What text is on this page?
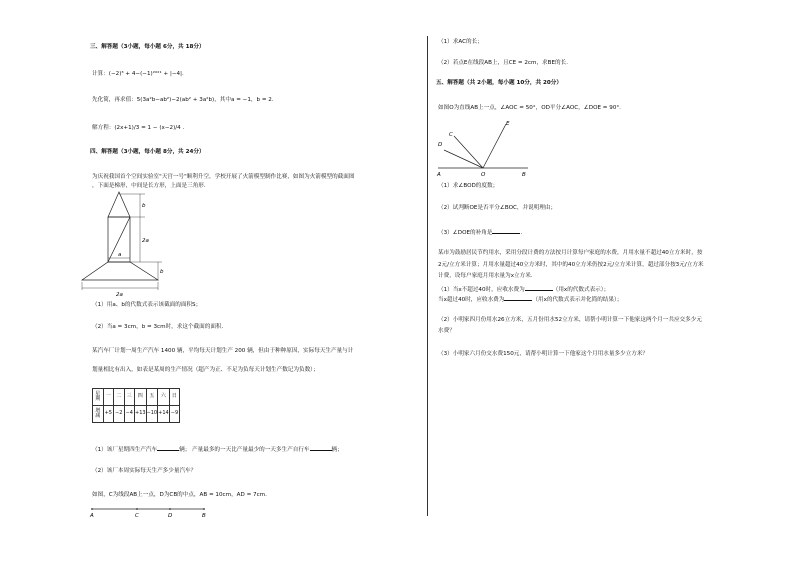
三、解答题（3小题，每小题 6分，共 18分）
计算：(−2)³ + 4−(−1)²⁰²¹ + |−4|.
先化简，再求值：5(3a²b−ab²)−2(ab² + 3a²b)，其中a = −1，b = 2.
解方程：(2x+1)/3 = 1 − (x−2)/4 .
四、解答题（3小题，每小题 8分，共 24分）
为庆祝我国首个空间实验室"天宫一号"顺利升空，学校开展了火箭模型制作比赛，如图为火箭模型的截面图
，下面是梯形，中间是长方形，上面是三角形.
b
2a
a
b
2a
（1）用a、b的代数式表示该截面的面积S；
（2）当a = 3cm，b = 3cm时，求这个截面的面积.
某汽车厂计划一周生产汽车 1400 辆，平均每天计划生产 200 辆，但由于种种原因，实际每天生产量与计
划量相比有出入，如表是某周的生产情况（超产为正、不足为负每天计划生产数记为负数）；
星期	一	二	三	四	五	六	日
增减	+5	−2	−4	+13	−10	+14	−9
（1）该厂星期四生产汽车	辆； 产量最多的一天比产量最少的一天多生产自行车	辆；
（2）该厂本周实际每天生产多少量汽车？
如图，C为线段AB上一点，D为CB的中点，AB = 10cm，AD = 7cm.
A	C	D	B
（1）求AC的长；
（2）若点E在线段AB上，且CE = 2cm，求BE的长.
五、解答题（共 2小题，每小题 10分，共 20分）
如图O为直线AB上一点，∠AOC = 50°，OD平分∠AOC，∠DOE = 90°.
E
C
D
O
A	B
（1）求∠BOD的度数；
（2）试判断OE是否平分∠BOC，并说明理由；
（3）∠DOE的补角是	.
某市为鼓励居民节约用水，采用分段计费的方法按月计算每户家庭的水费，月用水量不超过40立方米时，按
2元/立方米计算；月用水量超过40立方米时，其中的40立方米仍按2元/立方米计算，超过部分按3元/立方米
计费，设每户家庭月用水量为x立方米.
（1）当x不超过40时，应收水费为	（用x的代数式表示）；
当x超过40时，应收水费为	（用x的代数式表示并化简的结果）；
（2）小明家四月份用水26立方米，五月份用水52立方米，请帮小明计算一下他家这两个月一共应交多少元
水费？
（3）小明家六月份交水费150元，请帮小明计算一下他家这个月用水量多少立方米？
